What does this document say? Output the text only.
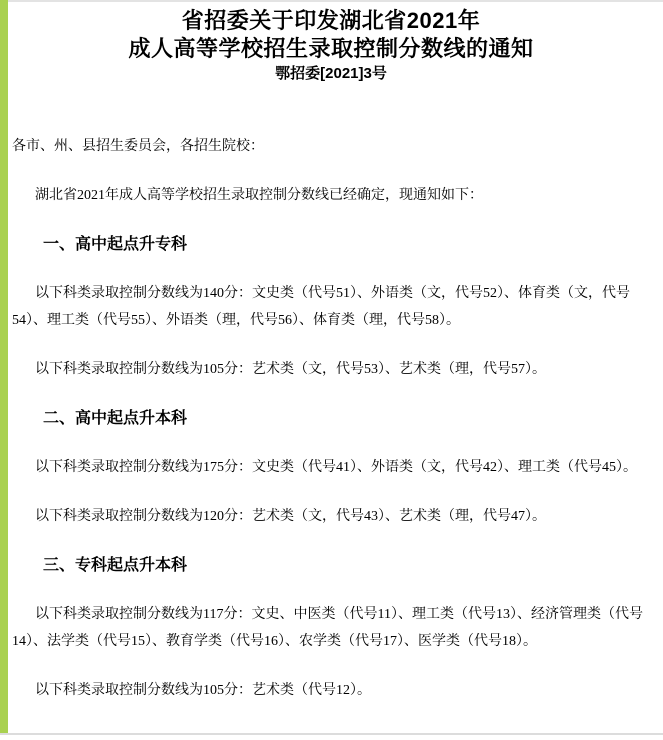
省招委关于印发湖北省2021年
成人高等学校招生录取控制分数线的通知
鄂招委[2021]3号

各市、州、县招生委员会，各招生院校：

湖北省2021年成人高等学校招生录取控制分数线已经确定，现通知如下：

一、高中起点升专科

以下科类录取控制分数线为140分：文史类（代号51）、外语类（文，代号52）、体育类（文，代号54）、理工类（代号55）、外语类（理，代号56）、体育类（理，代号58）。

以下科类录取控制分数线为105分：艺术类（文，代号53）、艺术类（理，代号57）。

二、高中起点升本科

以下科类录取控制分数线为175分：文史类（代号41）、外语类（文，代号42）、理工类（代号45）。

以下科类录取控制分数线为120分：艺术类（文，代号43）、艺术类（理，代号47）。

三、专科起点升本科

以下科类录取控制分数线为117分：文史、中医类（代号11）、理工类（代号13）、经济管理类（代号14）、法学类（代号15）、教育学类（代号16）、农学类（代号17）、医学类（代号18）。

以下科类录取控制分数线为105分：艺术类（代号12）。
